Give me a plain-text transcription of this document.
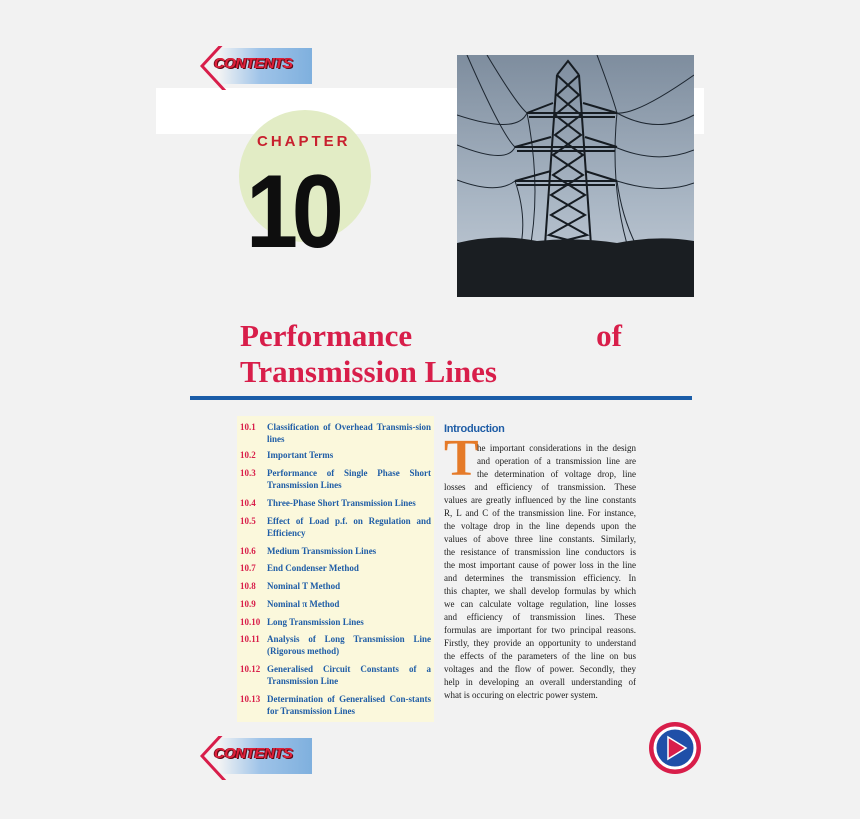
CONTENTS
CHAPTER
10
Performance of Transmission Lines
10.1 Classification of Overhead Transmis-sion lines
10.2 Important Terms
10.3 Performance of Single Phase Short Transmission Lines
10.4 Three-Phase Short Transmission Lines
10.5 Effect of Load p.f. on Regulation and Efficiency
10.6 Medium Transmission Lines
10.7 End Condenser Method
10.8 Nominal T Method
10.9 Nominal π Method
10.10 Long Transmission Lines
10.11 Analysis of Long Transmission Line (Rigorous method)
10.12 Generalised Circuit Constants of a Transmission Line
10.13 Determination of Generalised Con-stants for Transmission Lines
Introduction
T
he important considerations in the design
and operation of a transmission line are
the determination of voltage drop, line
losses and efficiency of transmission. These
values are greatly influenced by the line constants
R, L and C of the transmission line. For instance,
the voltage drop in the line depends upon the
values of above three line constants. Similarly,
the resistance of transmission line conductors is
the most important cause of power loss in the line
and determines the transmission efficiency. In
this chapter, we shall develop formulas by which
we can calculate voltage regulation, line losses
and efficiency of transmission lines. These
formulas are important for two principal reasons.
Firstly, they provide an opportunity to understand
the effects of the parameters of the line on bus
voltages and the flow of power. Secondly, they
help in developing an overall understanding of
what is occuring on electric power system.
CONTENTS
